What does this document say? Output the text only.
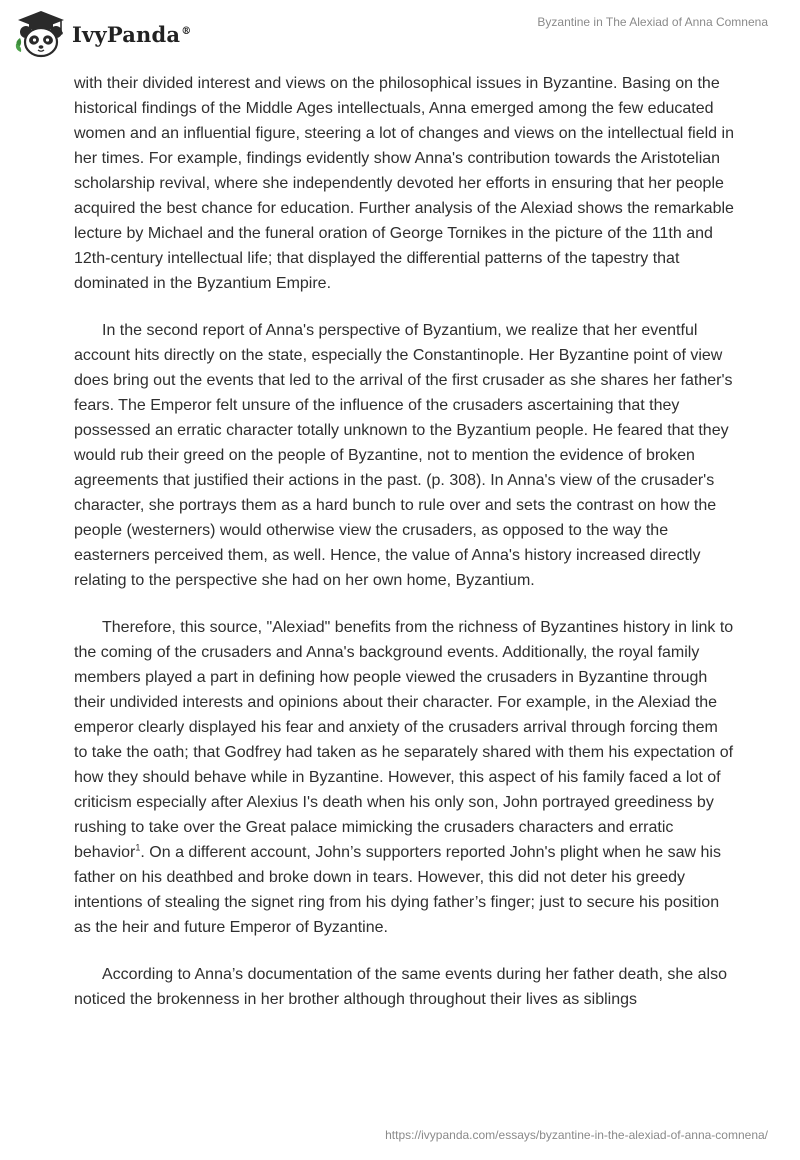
IvyPanda®
Byzantine in The Alexiad of Anna Comnena

with their divided interest and views on the philosophical issues in Byzantine. Basing on the historical findings of the Middle Ages intellectuals, Anna emerged among the few educated women and an influential figure, steering a lot of changes and views on the intellectual field in her times. For example, findings evidently show Anna's contribution towards the Aristotelian scholarship revival, where she independently devoted her efforts in ensuring that her people acquired the best chance for education. Further analysis of the Alexiad shows the remarkable lecture by Michael and the funeral oration of George Tornikes in the picture of the 11th and 12th-century intellectual life; that displayed the differential patterns of the tapestry that dominated in the Byzantium Empire.

In the second report of Anna's perspective of Byzantium, we realize that her eventful account hits directly on the state, especially the Constantinople. Her Byzantine point of view does bring out the events that led to the arrival of the first crusader as she shares her father's fears. The Emperor felt unsure of the influence of the crusaders ascertaining that they possessed an erratic character totally unknown to the Byzantium people. He feared that they would rub their greed on the people of Byzantine, not to mention the evidence of broken agreements that justified their actions in the past. (p. 308). In Anna's view of the crusader's character, she portrays them as a hard bunch to rule over and sets the contrast on how the people (westerners) would otherwise view the crusaders, as opposed to the way the easterners perceived them, as well. Hence, the value of Anna's history increased directly relating to the perspective she had on her own home, Byzantium.

Therefore, this source, "Alexiad" benefits from the richness of Byzantines history in link to the coming of the crusaders and Anna's background events. Additionally, the royal family members played a part in defining how people viewed the crusaders in Byzantine through their undivided interests and opinions about their character. For example, in the Alexiad the emperor clearly displayed his fear and anxiety of the crusaders arrival through forcing them to take the oath; that Godfrey had taken as he separately shared with them his expectation of how they should behave while in Byzantine. However, this aspect of his family faced a lot of criticism especially after Alexius I's death when his only son, John portrayed greediness by rushing to take over the Great palace mimicking the crusaders characters and erratic behavior$^1$. On a different account, John’s supporters reported John's plight when he saw his father on his deathbed and broke down in tears. However, this did not deter his greedy intentions of stealing the signet ring from his dying father’s finger; just to secure his position as the heir and future Emperor of Byzantine.

According to Anna’s documentation of the same events during her father death, she also noticed the brokenness in her brother although throughout their lives as siblings

https://ivypanda.com/essays/byzantine-in-the-alexiad-of-anna-comnena/
